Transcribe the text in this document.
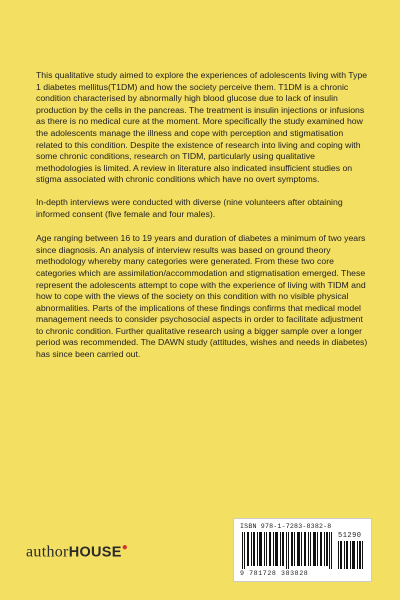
This qualitative study aimed to explore the experiences of adolescents living with Type 1 diabetes mellitus(T1DM) and how the society perceive them. T1DM is a chronic condition characterised by abnormally high blood glucose due to lack of insulin production by the cells in the pancreas. The treatment is insulin injections or infusions as there is no medical cure at the moment. More specifically the study examined how the adolescents manage the illness and cope with perception and stigmatisation related to this condition. Despite the existence of research into living and coping with some chronic conditions, research on TIDM, particularly using qualitative methodologies is limited. A review in literature also indicated insufficient studies on stigma associated with chronic conditions which have no overt symptoms.

In-depth interviews were conducted with diverse (nine volunteers after obtaining informed consent (five female and four males).

Age ranging between 16 to 19 years and duration of diabetes a minimum of two years since diagnosis. An analysis of interview results was based on ground theory methodology whereby many categories were generated. From these two core categories which are assimilation/accommodation and stigmatisation emerged. These represent the adolescents attempt to cope with the experience of living with TIDM and how to cope with the views of the society on this condition with no visible physical abnormalities. Parts of the implications of these findings confirms that medical model management needs to consider psychosocial aspects in order to facilitate adjustment to chronic condition. Further qualitative research using a bigger sample over a longer period was recommended. The DAWN study (attitudes, wishes and needs in diabetes) has since been carried out.

authorHOUSE●
ISBN 978-1-7283-8382-8
51290
9 781728 383828
